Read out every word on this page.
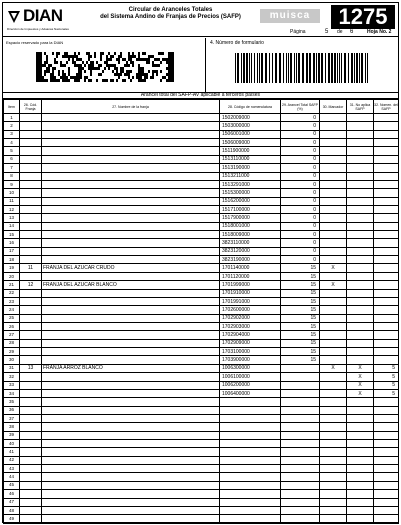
DIAN
Dirección de Impuestos y Aduanas Nacionales
Circular de Aranceles Totales
del Sistema Andino de Franjas de Precios (SAFP)	muisca	1275
Página	5 de 6	Hoja No. 2
Espacio reservado para la DIAN	4. Número de formulario
Arancel total del SAFP-AV aplicable a terceros países
Item	26. Cód. Franja	27. Nombre de la franja	28. Código de nomenclatura	29. Arancel Total SAFP (%)	30. Marcador	31. No aplica SAFP	32. Nomen. del SAFP
1			1502009000	0			
2			1503000000	0			
3			1506001000	0			
4			1506009000	0			
5			1511900000	0			
6			1513110000	0			
7			1513190000	0			
8			1513211000	0			
9			1513291000	0			
10			1515300000	0			
11			1516200000	0			
12			1517100000	0			
13			1517900000	0			
14			1518001000	0			
15			1518009000	0			
16			3823110000	0			
17			3823120000	0			
18			3823190000	0			
19	11	FRANJA DEL AZUCAR CRUDO	1701140000	15	X		
20			1701120000	15			
21	12	FRANJA DEL AZUCAR BLANCO	1701999000	15	X		
22			1701910000	15			
23			1701991000	15			
24			1702600000	15			
25			1702902000	15			
26			1702903000	15			
27			1702904000	15			
28			1702909000	15			
29			1703100000	15			
30			1703900000	15			
31	13	FRANJA ARROZ BLANCO	1006300000		X	X	5
32			1006100000			X	5
33			1006200000			X	5
34			1006400000			X	5
35							
36							
37							
38							
39							
40							
41							
42							
43							
44							
45							
46							
47							
48							
49							
